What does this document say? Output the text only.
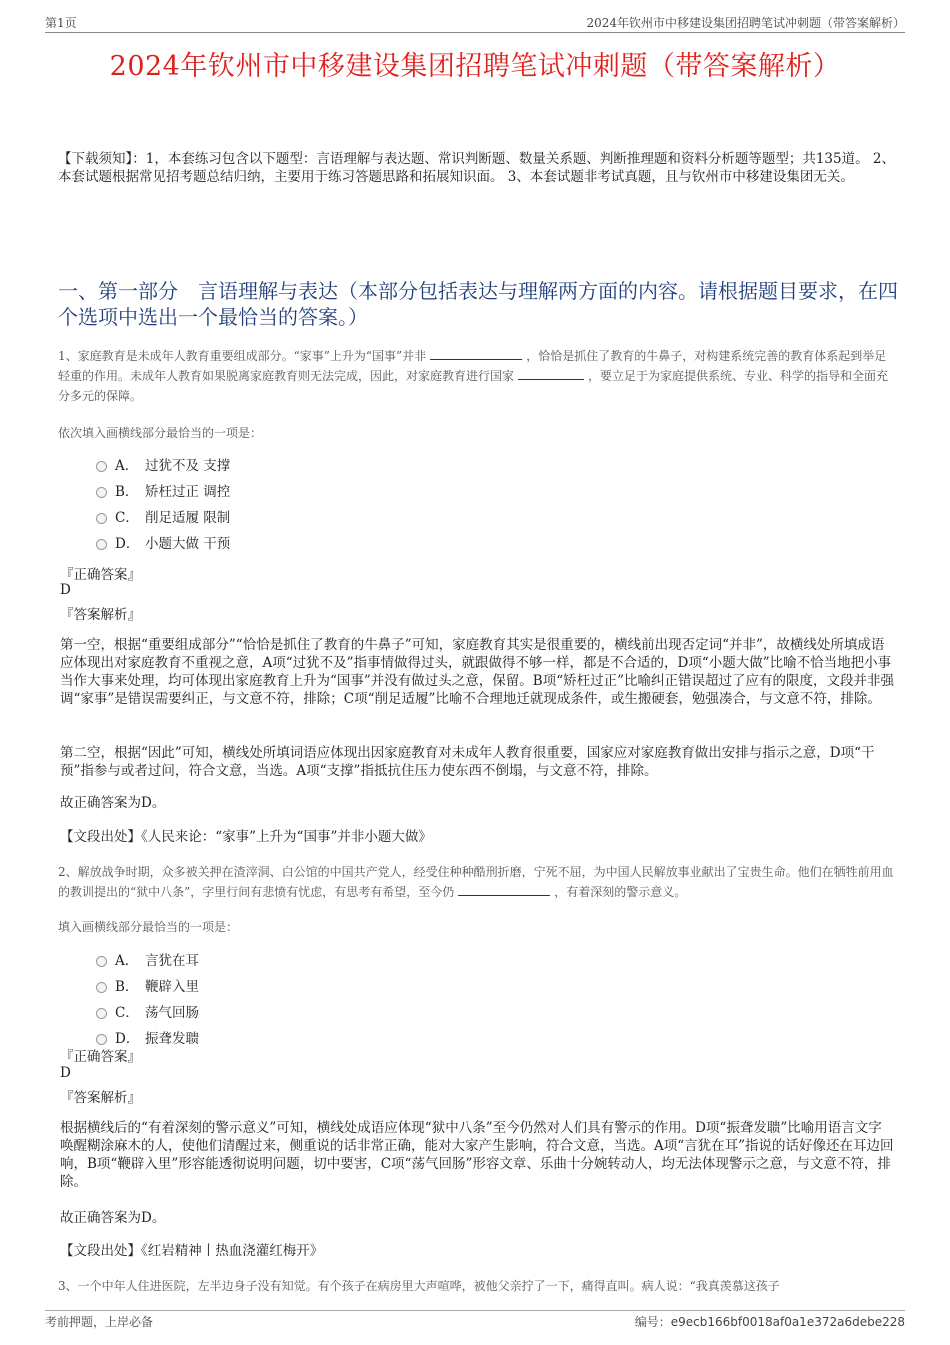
第1页	2024年钦州市中移建设集团招聘笔试冲刺题（带答案解析）
2024年钦州市中移建设集团招聘笔试冲刺题（带答案解析）
【下载须知】：1，本套练习包含以下题型：言语理解与表达题、常识判断题、数量关系题、判断推理题和资料分析题等题型；共135道。 2、本套试题根据常见招考题总结归纳，主要用于练习答题思路和拓展知识面。 3、本套试题非考试真题，且与钦州市中移建设集团无关。
一、第一部分　言语理解与表达（本部分包括表达与理解两方面的内容。请根据题目要求，在四个选项中选出一个最恰当的答案。）
1、家庭教育是未成年人教育重要组成部分。“家事”上升为“国事”并非	，恰恰是抓住了教育的牛鼻子，对构建系统完善的教育体系起到举足轻重的作用。未成年人教育如果脱离家庭教育则无法完成，因此，对家庭教育进行国家	，要立足于为家庭提供系统、专业、科学的指导和全面充分多元的保障。
依次填入画横线部分最恰当的一项是：
A． 过犹不及 支撑
B． 矫枉过正 调控
C． 削足适履 限制
D． 小题大做 干预
『正确答案』
D
『答案解析』
第一空，根据“重要组成部分”“恰恰是抓住了教育的牛鼻子”可知，家庭教育其实是很重要的，横线前出现否定词“并非”，故横线处所填成语应体现出对家庭教育不重视之意，A项“过犹不及”指事情做得过头，就跟做得不够一样，都是不合适的，D项“小题大做”比喻不恰当地把小事当作大事来处理，均可体现出家庭教育上升为“国事”并没有做过头之意，保留。B项“矫枉过正”比喻纠正错误超过了应有的限度，文段并非强调“家事”是错误需要纠正，与文意不符，排除；C项“削足适履”比喻不合理地迁就现成条件，或生搬硬套，勉强凑合，与文意不符，排除。
第二空，根据“因此”可知，横线处所填词语应体现出因家庭教育对未成年人教育很重要，国家应对家庭教育做出安排与指示之意，D项“干预”指参与或者过问，符合文意，当选。A项“支撑”指抵抗住压力使东西不倒塌，与文意不符，排除。
故正确答案为D。
【文段出处】《人民来论：“家事”上升为“国事”并非小题大做》
2、解放战争时期，众多被关押在渣滓洞、白公馆的中国共产党人，经受住种种酷刑折磨，宁死不屈，为中国人民解放事业献出了宝贵生命。他们在牺牲前用血的教训提出的“狱中八条”，字里行间有悲愤有忧虑，有思考有希望，至今仍	，有着深刻的警示意义。
填入画横线部分最恰当的一项是：
A． 言犹在耳
B． 鞭辟入里
C． 荡气回肠
D． 振聋发聩
『正确答案』
D
『答案解析』
根据横线后的“有着深刻的警示意义”可知，横线处成语应体现“狱中八条”至今仍然对人们具有警示的作用。D项“振聋发聩”比喻用语言文字唤醒糊涂麻木的人，使他们清醒过来，侧重说的话非常正确，能对大家产生影响，符合文意，当选。A项“言犹在耳”指说的话好像还在耳边回响，B项“鞭辟入里”形容能透彻说明问题，切中要害，C项“荡气回肠”形容文章、乐曲十分婉转动人，均无法体现警示之意，与文意不符，排除。
故正确答案为D。
【文段出处】《红岩精神丨热血浇灌红梅开》
3、一个中年人住进医院，左半边身子没有知觉。有个孩子在病房里大声喧哗，被他父亲拧了一下，痛得直叫。病人说：“我真羡慕这孩子
考前押题，上岸必备	编号：e9ecb166bf0018af0a1e372a6debe228
